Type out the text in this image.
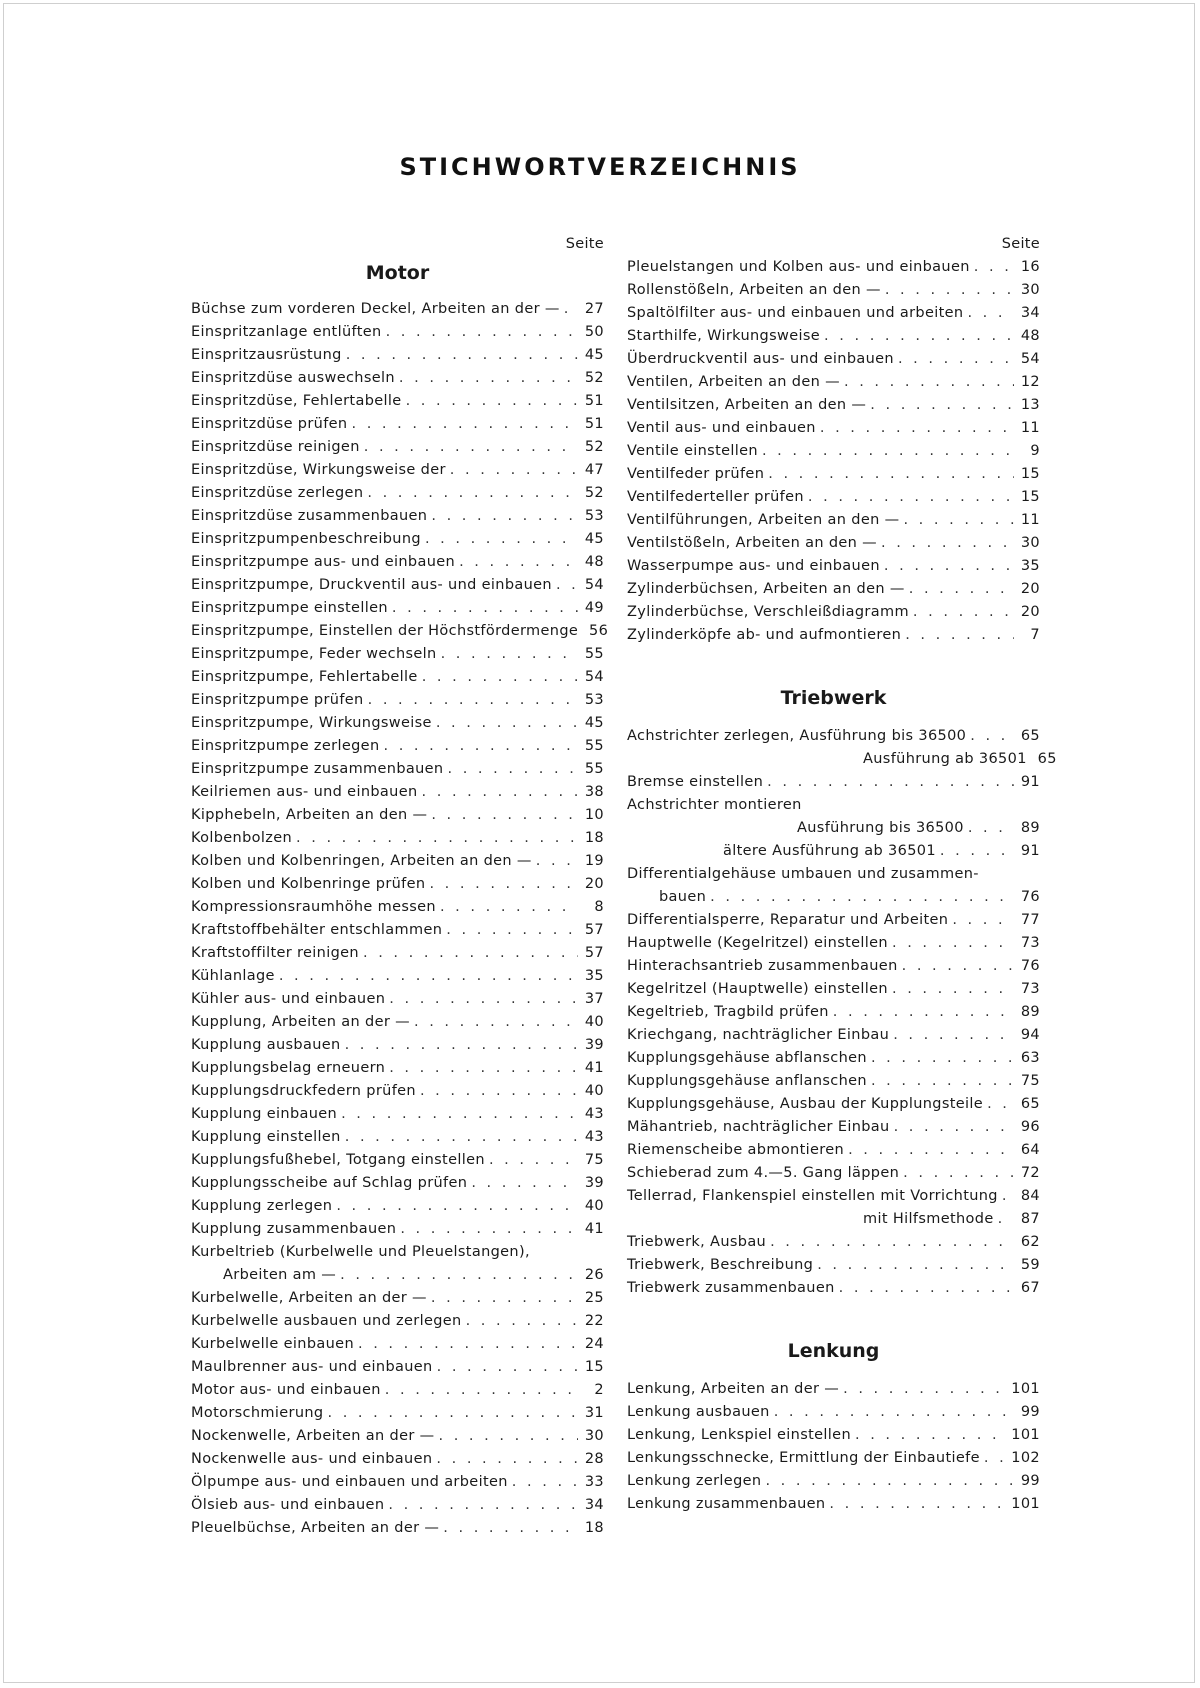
STICHWORTVERZEICHNIS
Seite
Motor
Büchse zum vorderen Deckel, Arbeiten an der — . . . 27
Einspritzanlage entlüften . . .	50
Einspritzausrüstung . . .	45
Einspritzdüse auswechseln . . .	52
Einspritzdüse, Fehlertabelle . . .	51
Einspritzdüse prüfen . . .	51
Einspritzdüse reinigen . . .	52
Einspritzdüse, Wirkungsweise der . . .	47
Einspritzdüse zerlegen . . .	52
Einspritzdüse zusammenbauen . . .	53
Einspritzpumpenbeschreibung . . .	45
Einspritzpumpe aus- und einbauen . . .	48
Einspritzpumpe, Druckventil aus- und einbauen . . . 54
Einspritzpumpe einstellen . . .	49
Einspritzpumpe, Einstellen der Höchstfördermenge 56
Einspritzpumpe, Feder wechseln . . .	55
Einspritzpumpe, Fehlertabelle . . .	54
Einspritzpumpe prüfen . . .	53
Einspritzpumpe, Wirkungsweise . . .	45
Einspritzpumpe zerlegen . . .	55
Einspritzpumpe zusammenbauen . . .	55
Keilriemen aus- und einbauen . . .	38
Kipphebeln, Arbeiten an den — . . .	10
Kolbenbolzen . . .	18
Kolben und Kolbenringen, Arbeiten an den — . . .	19
Kolben und Kolbenringe prüfen . . .	20
Kompressionsraumhöhe messen . . .	8
Kraftstoffbehälter entschlammen . . .	57
Kraftstoffilter reinigen . . .	57
Kühlanlage . . .	35
Kühler aus- und einbauen . . .	37
Kupplung, Arbeiten an der — . . .	40
Kupplung ausbauen . . .	39
Kupplungsbelag erneuern . . .	41
Kupplungsdruckfedern prüfen . . .	40
Kupplung einbauen . . .	43
Kupplung einstellen . . .	43
Kupplungsfußhebel, Totgang einstellen . . .	75
Kupplungsscheibe auf Schlag prüfen . . .	39
Kupplung zerlegen . . .	40
Kupplung zusammenbauen . . .	41
Kurbeltrieb (Kurbelwelle und Pleuelstangen),
Arbeiten am — . . .	26
Kurbelwelle, Arbeiten an der — . . .	25
Kurbelwelle ausbauen und zerlegen . . .	22
Kurbelwelle einbauen . . .	24
Maulbrenner aus- und einbauen . . .	15
Motor aus- und einbauen . . .	2
Motorschmierung . . .	31
Nockenwelle, Arbeiten an der — . . .	30
Nockenwelle aus- und einbauen . . .	28
Ölpumpe aus- und einbauen und arbeiten . . .	33
Ölsieb aus- und einbauen . . .	34
Pleuelbüchse, Arbeiten an der — . . .	18
Seite
Pleuelstangen und Kolben aus- und einbauen . . .	16
Rollenstößeln, Arbeiten an den — . . .	30
Spaltölfilter aus- und einbauen und arbeiten . . .	34
Starthilfe, Wirkungsweise . . .	48
Überdruckventil aus- und einbauen . . .	54
Ventilen, Arbeiten an den — . . .	12
Ventilsitzen, Arbeiten an den — . . .	13
Ventil aus- und einbauen . . .	11
Ventile einstellen . . .	9
Ventilfeder prüfen . . .	15
Ventilfederteller prüfen . . .	15
Ventilführungen, Arbeiten an den — . . .	11
Ventilstößeln, Arbeiten an den — . . .	30
Wasserpumpe aus- und einbauen . . .	35
Zylinderbüchsen, Arbeiten an den — . . .	20
Zylinderbüchse, Verschleißdiagramm . . .	20
Zylinderköpfe ab- und aufmontieren . . .	7
Triebwerk
Achstrichter zerlegen, Ausführung bis 36500 . . .	65
Ausführung ab 36501 65
Bremse einstellen . . .	91
Achstrichter montieren
Ausführung bis 36500 . . .	89
ältere Ausführung ab 36501 . . .	91
Differentialgehäuse umbauen und zusammen-
bauen . . .	76
Differentialsperre, Reparatur und Arbeiten . . .	77
Hauptwelle (Kegelritzel) einstellen . . .	73
Hinterachsantrieb zusammenbauen . . .	76
Kegelritzel (Hauptwelle) einstellen . . .	73
Kegeltrieb, Tragbild prüfen . . .	89
Kriechgang, nachträglicher Einbau . . .	94
Kupplungsgehäuse abflanschen . . .	63
Kupplungsgehäuse anflanschen . . .	75
Kupplungsgehäuse, Ausbau der Kupplungsteile . . .	65
Mähantrieb, nachträglicher Einbau . . .	96
Riemenscheibe abmontieren . . .	64
Schieberad zum 4.—5. Gang läppen . . .	72
Tellerrad, Flankenspiel einstellen mit Vorrichtung . . . 84
mit Hilfsmethode . . . 87
Triebwerk, Ausbau . . .	62
Triebwerk, Beschreibung . . .	59
Triebwerk zusammenbauen . . .	67
Lenkung
Lenkung, Arbeiten an der — . . .	101
Lenkung ausbauen . . .	99
Lenkung, Lenkspiel einstellen . . .	101
Lenkungsschnecke, Ermittlung der Einbautiefe . . . 102
Lenkung zerlegen . . .	99
Lenkung zusammenbauen . . .	101
